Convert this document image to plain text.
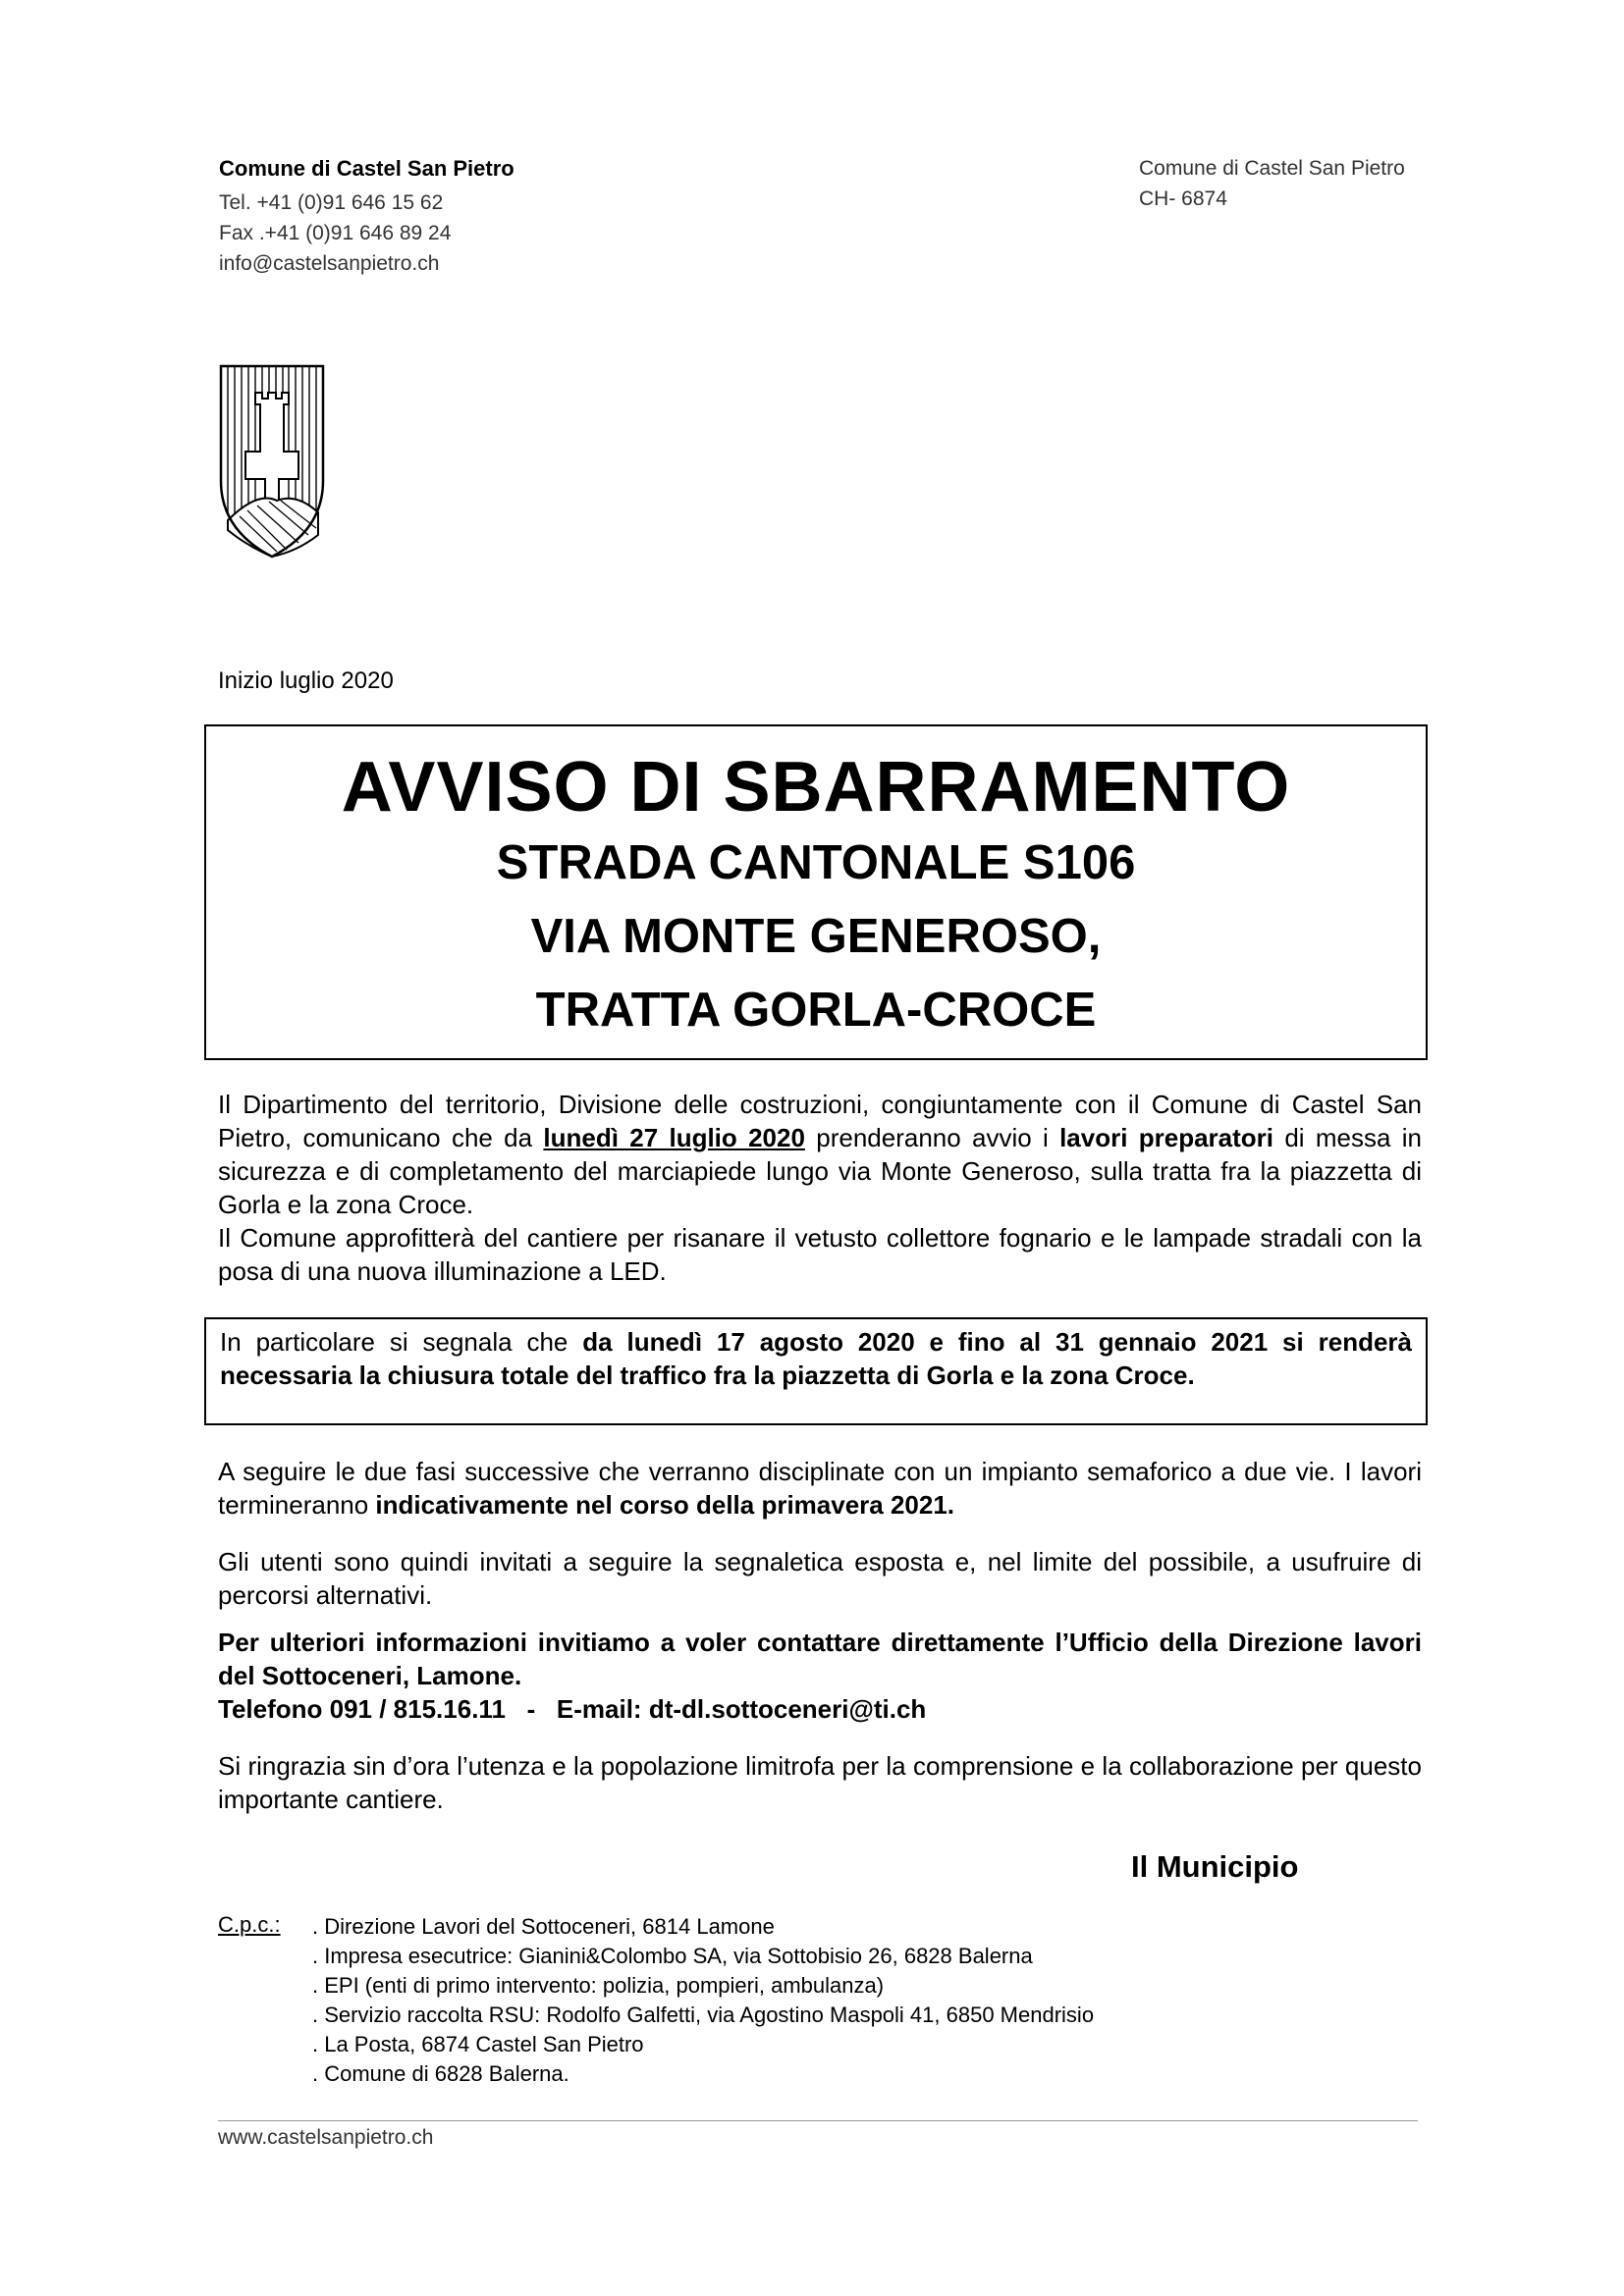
Comune di Castel San Pietro
Tel. +41 (0)91 646 15 62
Fax .+41 (0)91 646 89 24
info@castelsanpietro.ch
Comune di Castel San Pietro
CH- 6874
Inizio luglio 2020
AVVISO DI SBARRAMENTO
STRADA CANTONALE S106
VIA MONTE GENEROSO,
TRATTA GORLA-CROCE

Il Dipartimento del territorio, Divisione delle costruzioni, congiuntamente con il Comune di Castel San Pietro, comunicano che da lunedì 27 luglio 2020 prenderanno avvio i lavori preparatori di messa in sicurezza e di completamento del marciapiede lungo via Monte Generoso, sulla tratta fra la piazzetta di Gorla e la zona Croce.
Il Comune approfitterà del cantiere per risanare il vetusto collettore fognario e le lampade stradali con la posa di una nuova illuminazione a LED.

In particolare si segnala che da lunedì 17 agosto 2020 e fino al 31 gennaio 2021 si renderà necessaria la chiusura totale del traffico fra la piazzetta di Gorla e la zona Croce.

A seguire le due fasi successive che verranno disciplinate con un impianto semaforico a due vie. I lavori termineranno indicativamente nel corso della primavera 2021.

Gli utenti sono quindi invitati a seguire la segnaletica esposta e, nel limite del possibile, a usufruire di percorsi alternativi.

Per ulteriori informazioni invitiamo a voler contattare direttamente l’Ufficio della Direzione lavori del Sottoceneri, Lamone.
Telefono 091 / 815.16.11   -   E-mail: dt-dl.sottoceneri@ti.ch

Si ringrazia sin d’ora l’utenza e la popolazione limitrofa per la comprensione e la collaborazione per questo importante cantiere.

Il Municipio
C.p.c.: . Direzione Lavori del Sottoceneri, 6814 Lamone
. Impresa esecutrice: Gianini&Colombo SA, via Sottobisio 26, 6828 Balerna
. EPI (enti di primo intervento: polizia, pompieri, ambulanza)
. Servizio raccolta RSU: Rodolfo Galfetti, via Agostino Maspoli 41, 6850 Mendrisio
. La Posta, 6874 Castel San Pietro
. Comune di 6828 Balerna.
www.castelsanpietro.ch
